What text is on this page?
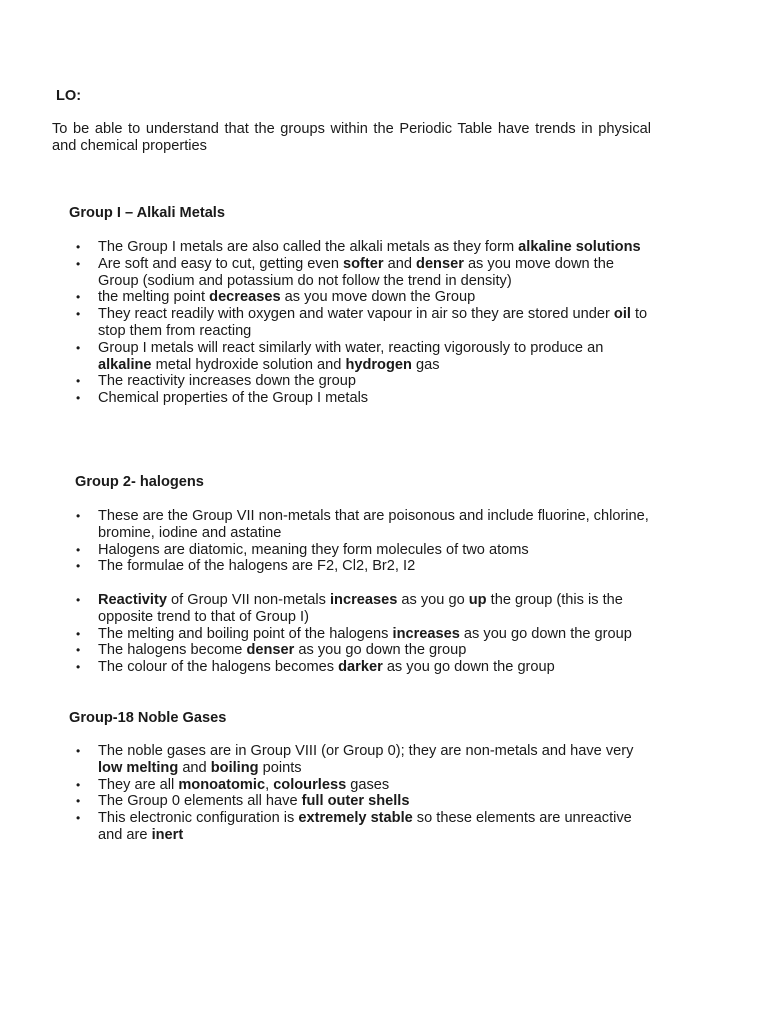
LO:

To be able to understand that the groups within the Periodic Table have trends in physical and chemical properties

Group I – Alkali Metals

• The Group I metals are also called the alkali metals as they form alkaline solutions
• Are soft and easy to cut, getting even softer and denser as you move down the Group (sodium and potassium do not follow the trend in density)
• the melting point decreases as you move down the Group
• They react readily with oxygen and water vapour in air so they are stored under oil to stop them from reacting
• Group I metals will react similarly with water, reacting vigorously to produce an alkaline metal hydroxide solution and hydrogen gas
• The reactivity increases down the group
• Chemical properties of the Group I metals

Group 2- halogens

• These are the Group VII non-metals that are poisonous and include fluorine, chlorine, bromine, iodine and astatine
• Halogens are diatomic, meaning they form molecules of two atoms
• The formulae of the halogens are F2, Cl2, Br2, I2
• Reactivity of Group VII non-metals increases as you go up the group (this is the opposite trend to that of Group I)
• The melting and boiling point of the halogens increases as you go down the group
• The halogens become denser as you go down the group
• The colour of the halogens becomes darker as you go down the group

Group-18 Noble Gases

• The noble gases are in Group VIII (or Group 0); they are non-metals and have very low melting and boiling points
• They are all monoatomic, colourless gases
• The Group 0 elements all have full outer shells
• This electronic configuration is extremely stable so these elements are unreactive and are inert
